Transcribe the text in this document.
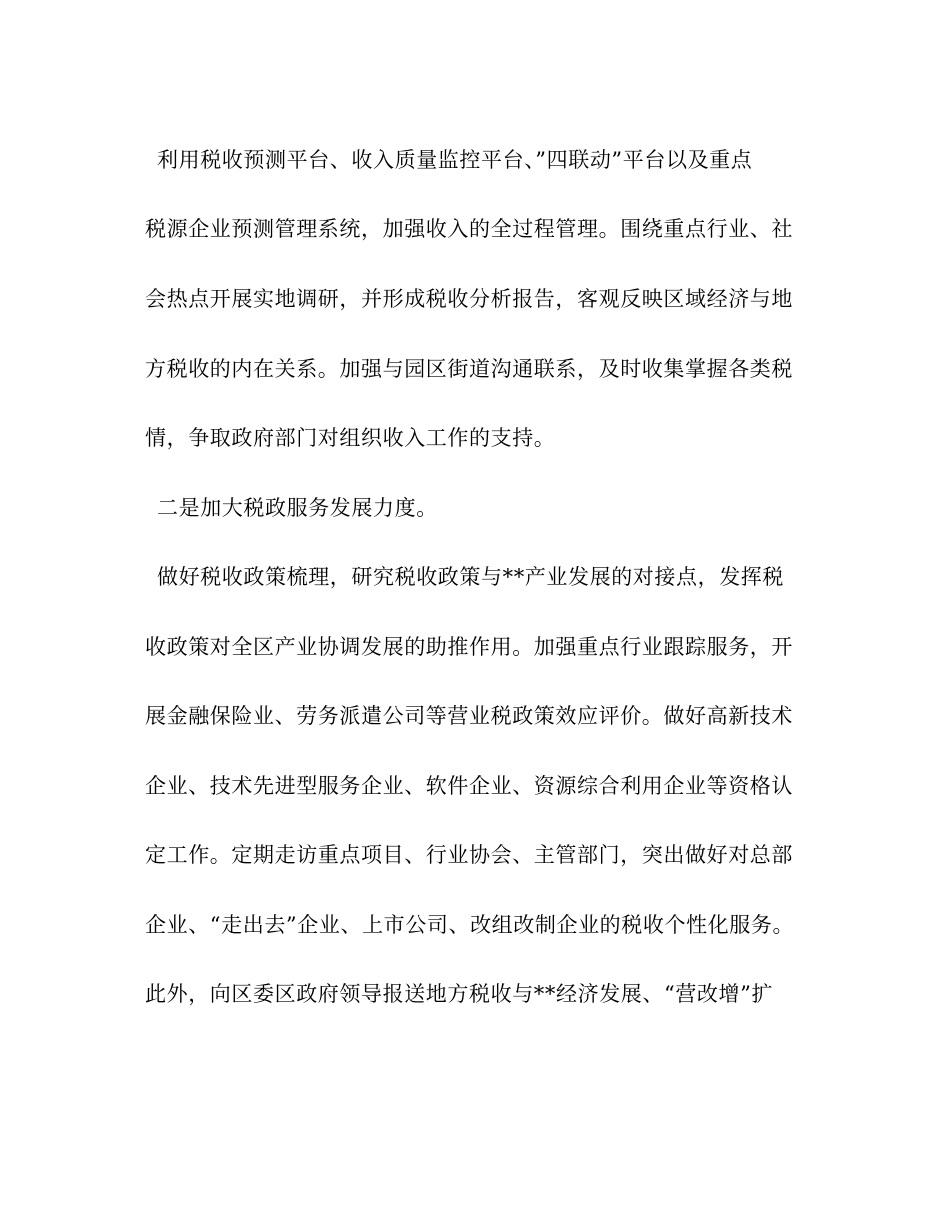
利用税收预测平台、收入质量监控平台、”四联动”平台以及重点
税源企业预测管理系统，加强收入的全过程管理。围绕重点行业、社
会热点开展实地调研，并形成税收分析报告，客观反映区域经济与地
方税收的内在关系。加强与园区街道沟通联系，及时收集掌握各类税
情，争取政府部门对组织收入工作的支持。
二是加大税政服务发展力度。
做好税收政策梳理，研究税收政策与**产业发展的对接点，发挥税
收政策对全区产业协调发展的助推作用。加强重点行业跟踪服务，开
展金融保险业、劳务派遣公司等营业税政策效应评价。做好高新技术
企业、技术先进型服务企业、软件企业、资源综合利用企业等资格认
定工作。定期走访重点项目、行业协会、主管部门，突出做好对总部
企业、“走出去”企业、上市公司、改组改制企业的税收个性化服务。
此外，向区委区政府领导报送地方税收与**经济发展、“营改增”扩
